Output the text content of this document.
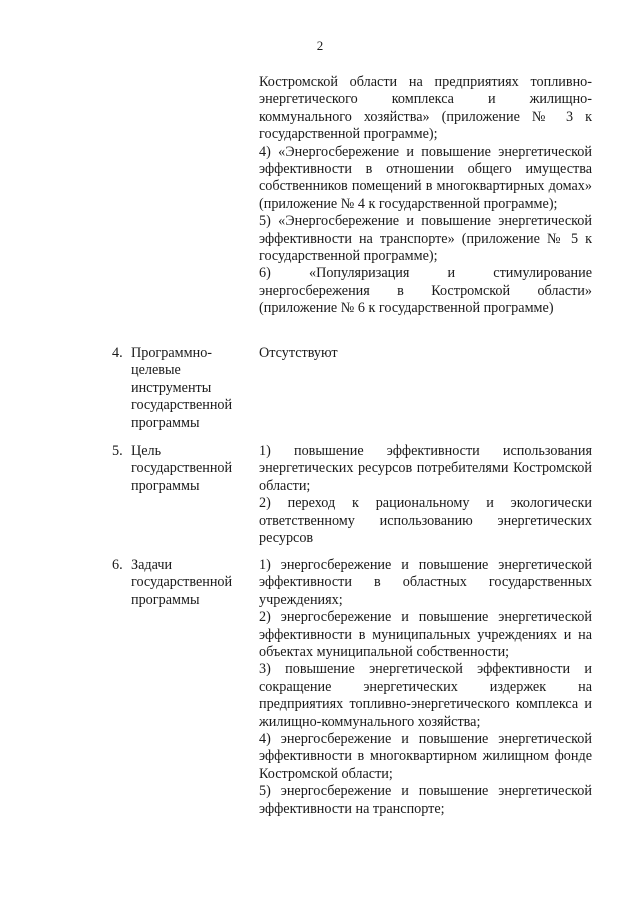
2

Костромской области на предприятиях топливно-энергетического комплекса и жилищно-коммунального хозяйства» (приложение № 3 к государственной программе);

4) «Энергосбережение и повышение энергетической эффективности в отношении общего имущества собственников помещений в многоквартирных домах» (приложение № 4 к государственной программе);

5) «Энергосбережение и повышение энергетической эффективности на транспорте» (приложение № 5 к государственной программе);

6) «Популяризация и стимулирование энергосбережения в Костромской области» (приложение № 6 к государственной программе)

4. Программно-
целевые
инструменты
государственной
программы

Отсутствуют

5. Цель
государственной
программы

1) повышение эффективности использования энергетических ресурсов потребителями Костромской области;

2) переход к рациональному и экологически ответственному использованию энергетических ресурсов

6. Задачи
государственной
программы

1) энергосбережение и повышение энергетической эффективности в областных государственных учреждениях;

2) энергосбережение и повышение энергетической эффективности в муниципальных учреждениях и на объектах муниципальной собственности;

3) повышение энергетической эффективности и сокращение энергетических издержек на предприятиях топливно-энергетического комплекса и жилищно-коммунального хозяйства;

4) энергосбережение и повышение энергетической эффективности в многоквартирном жилищном фонде Костромской области;

5) энергосбережение и повышение энергетической эффективности на транспорте;
